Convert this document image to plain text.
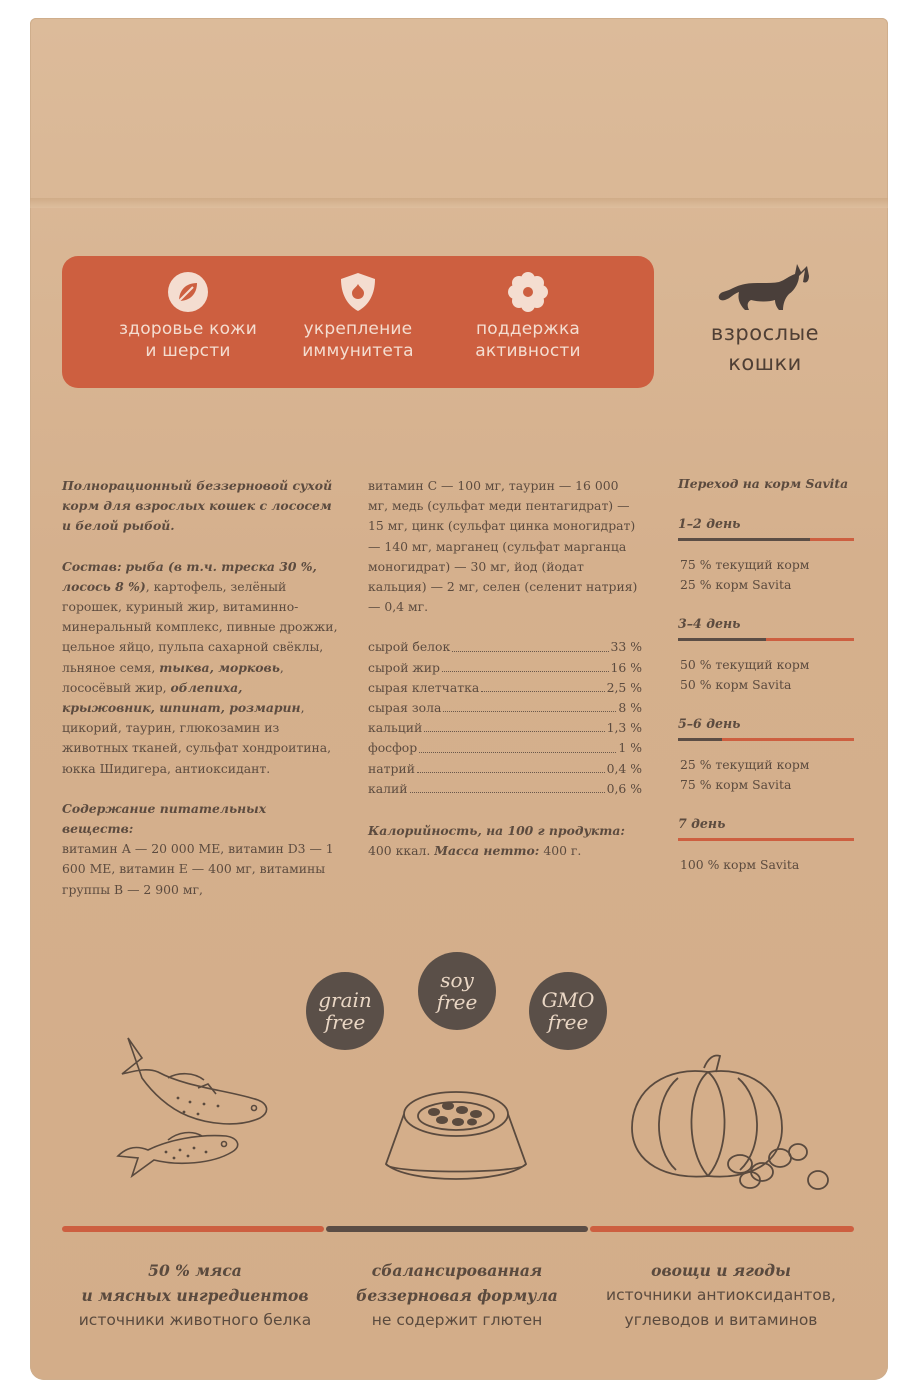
здоровье кожи
и шерсти
укрепление
иммунитета
поддержка
активности
взрослые
кошки

Полнорационный беззерновой сухой корм для взрослых кошек с лососем и белой рыбой.

Состав: рыба (в т.ч. треска 30 %, лосось 8 %), картофель, зелёный горошек, куриный жир, витаминно-минеральный комплекс, пивные дрожжи, цельное яйцо, пульпа сахарной свёклы, льняное семя, тыква, морковь, лососёвый жир, облепиха, крыжовник, шпинат, розмарин, цикорий, таурин, глюкозамин из животных тканей, сульфат хондроитина, юкка Шидигера, антиоксидант.

Содержание питательных веществ:

витамин А — 20 000 МЕ, витамин D3 — 1 600 МЕ, витамин Е — 400 мг, витамины группы В — 2 900 мг,

витамин С — 100 мг, таурин — 16 000 мг, медь (сульфат меди пентагидрат) — 15 мг, цинк (сульфат цинка моногидрат) — 140 мг, марганец (сульфат марганца моногидрат) — 30 мг, йод (йодат кальция) — 2 мг, селен (селенит натрия) — 0,4 мг.

сырой белок	33 %
сырой жир	16 %
сырая клетчатка	2,5 %
сырая зола	8 %
кальций	1,3 %
фосфор	1 %
натрий	0,4 %
калий	0,6 %

Калорийность, на 100 г продукта:

400 ккал. Масса нетто: 400 г.

Переход на корм Savita
1–2 день
75 % текущий корм
25 % корм Savita
3–4 день
50 % текущий корм
50 % корм Savita
5–6 день
25 % текущий корм
75 % корм Savita
7 день
100 % корм Savita
grain
free
soy
free	GMO
free
50 % мяса
и мясных ингредиентов
источники животного белка
сбалансированная
беззерновая формула
не содержит глютен
овощи и ягоды
источники антиоксидантов,
углеводов и витаминов
